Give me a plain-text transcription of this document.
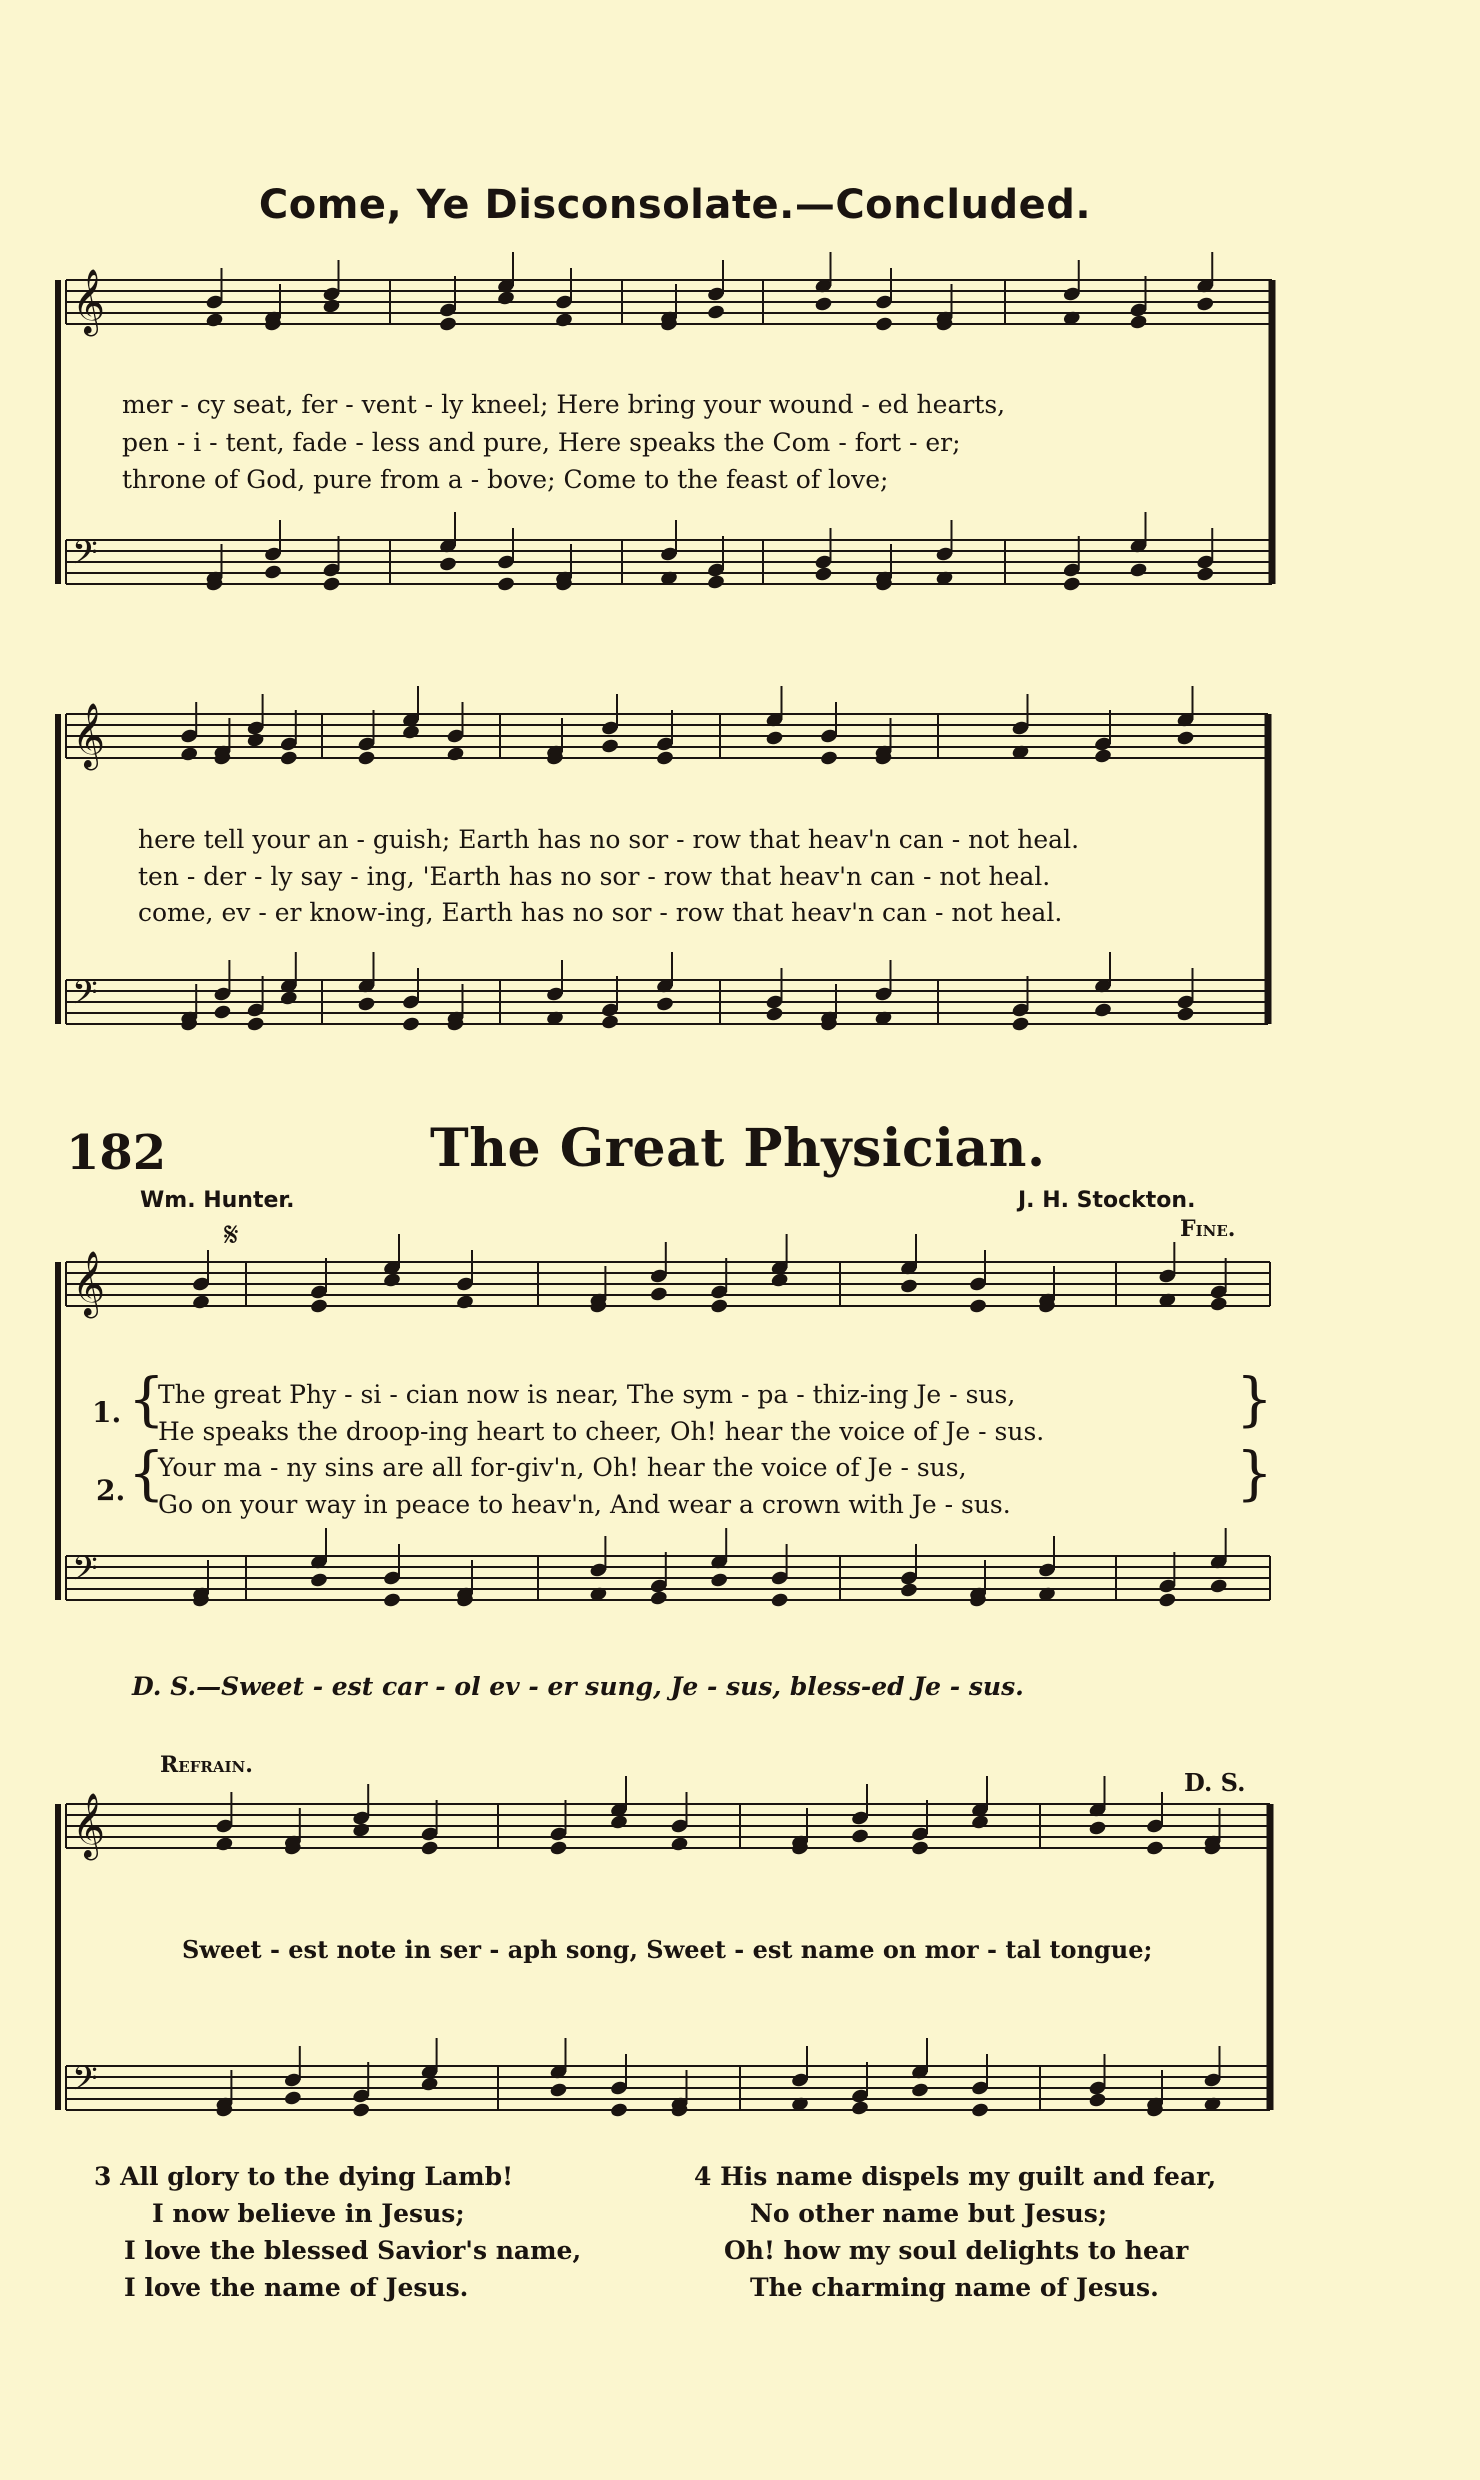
𝄞
𝄢
𝄞
𝄢
𝄞
𝄢
𝄞
𝄢
𝄋
Come, Ye Disconsolate.—Concluded.
mer - cy seat, fer - vent - ly kneel; Here bring your wound - ed hearts,
pen - i - tent, fade - less and pure, Here speaks the Com - fort - er;
throne of God, pure from a - bove; Come to the feast of love;
here tell your an - guish; Earth has no sor - row that heav'n can - not heal.
ten - der - ly say - ing, 'Earth has no sor - row that heav'n can - not heal.
come, ev - er know-ing, Earth has no sor - row that heav'n can - not heal.
182	The Great Physician.
Wm. Hunter.	J. H. Stockton.
Fine.
1.
2.
{
{
}
}
The great Phy - si - cian now is near, The sym - pa - thiz-ing Je - sus,
He speaks the droop-ing heart to cheer, Oh! hear the voice of Je - sus.
Your ma - ny sins are all for-giv'n, Oh! hear the voice of Je - sus,
Go on your way in peace to heav'n, And wear a crown with Je - sus.
D. S.—Sweet - est car - ol ev - er sung, Je - sus, bless-ed Je - sus.
Refrain.
D. S.
Sweet - est note in ser - aph song, Sweet - est name on mor - tal tongue;
3 All glory to the dying Lamb!
I now believe in Jesus;
I love the blessed Savior's name,
I love the name of Jesus.
4 His name dispels my guilt and fear,
No other name but Jesus;
Oh! how my soul delights to hear
The charming name of Jesus.
